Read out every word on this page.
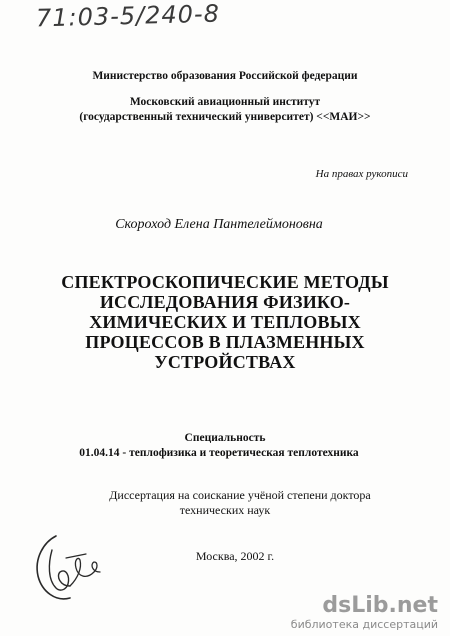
71:03-5/240-8
Министерство образования Российской федерации
Московский авиационный институт
(государственный технический университет) <<МАИ>>
На правах рукописи
Скороход Елена Пантелеймоновна
СПЕКТРОСКОПИЧЕСКИЕ МЕТОДЫ
ИССЛЕДОВАНИЯ ФИЗИКО-
ХИМИЧЕСКИХ И ТЕПЛОВЫХ
ПРОЦЕССОВ В ПЛАЗМЕННЫХ
УСТРОЙСТВАХ
Специальность
01.04.14 - теплофизика и теоретическая теплотехника
Диссертация на соискание учёной степени доктора
технических наук
Москва, 2002 г.
dsLib.net
библиотека диссертаций
